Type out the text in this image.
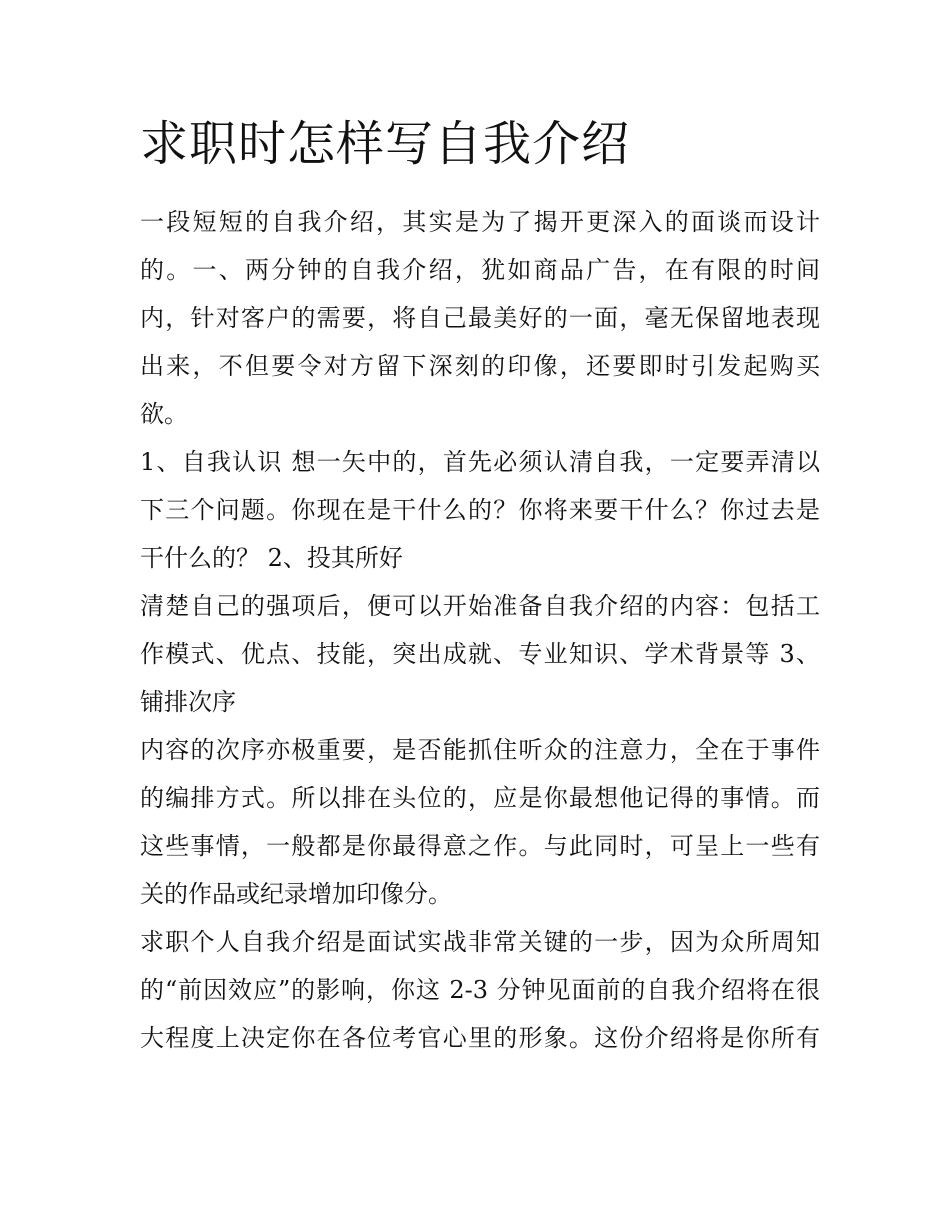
求职时怎样写自我介绍

一段短短的自我介绍，其实是为了揭开更深入的面谈而设计
的。一、两分钟的自我介绍，犹如商品广告，在有限的时间
内，针对客户的需要，将自己最美好的一面，毫无保留地表现
出来，不但要令对方留下深刻的印像，还要即时引发起购买
欲。

1、自我认识 想一矢中的，首先必须认清自我，一定要弄清以
下三个问题。你现在是干什么的？你将来要干什么？你过去是
干什么的？ 2、投其所好

清楚自己的强项后，便可以开始准备自我介绍的内容：包括工
作模式、优点、技能，突出成就、专业知识、学术背景等 3、
铺排次序

内容的次序亦极重要，是否能抓住听众的注意力，全在于事件
的编排方式。所以排在头位的，应是你最想他记得的事情。而
这些事情，一般都是你最得意之作。与此同时，可呈上一些有
关的作品或纪录增加印像分。

求职个人自我介绍是面试实战非常关键的一步，因为众所周知
的“前因效应”的影响，你这 2-3 分钟见面前的自我介绍将在很
大程度上决定你在各位考官心里的形象。这份介绍将是你所有
